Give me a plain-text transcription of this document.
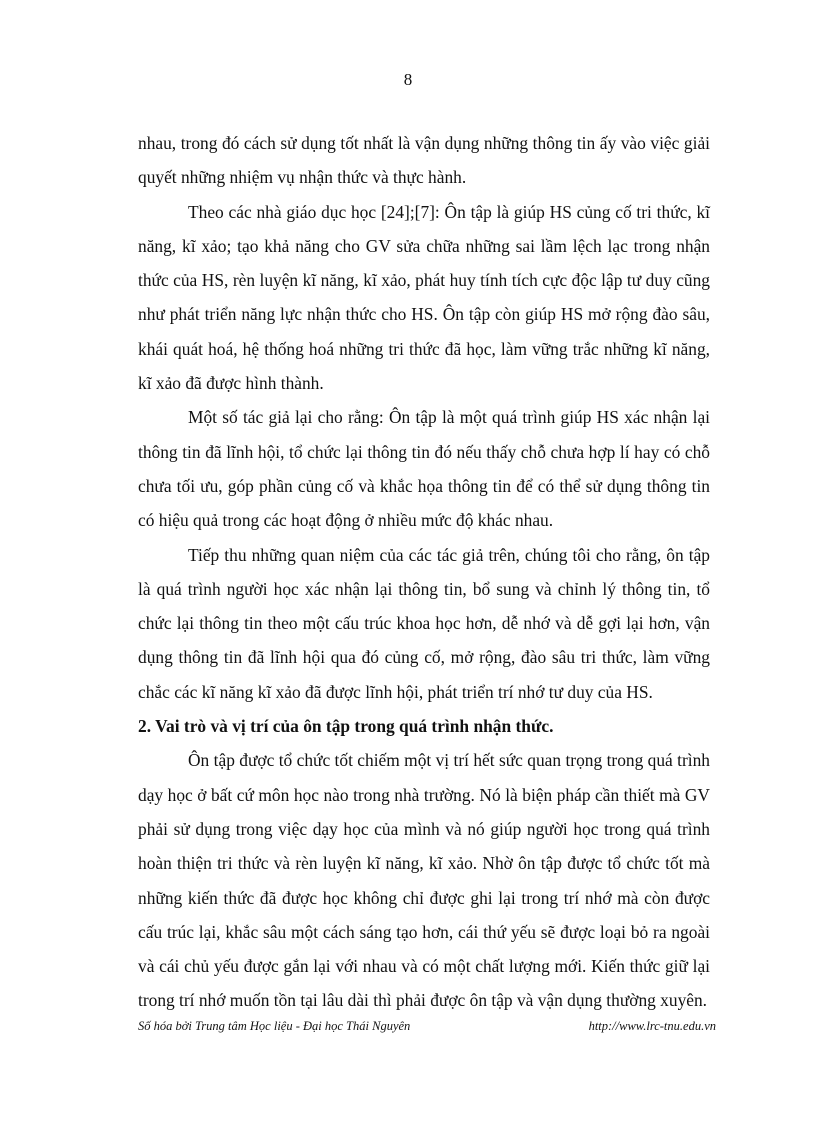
8

nhau, trong đó cách sử dụng tốt nhất là vận dụng những thông tin ấy vào việc giải quyết những nhiệm vụ nhận thức và thực hành.

Theo các nhà giáo dục học [24];[7]: Ôn tập là giúp HS củng cố tri thức, kĩ năng, kĩ xảo; tạo khả năng cho GV sửa chữa những sai lầm lệch lạc trong nhận thức của HS, rèn luyện kĩ năng, kĩ xảo, phát huy tính tích cực độc lập tư duy cũng như phát triển năng lực nhận thức cho HS. Ôn tập còn giúp HS mở rộng đào sâu, khái quát hoá, hệ thống hoá những tri thức đã học, làm vững trắc những kĩ năng, kĩ xảo đã được hình thành.

Một số tác giả lại cho rằng: Ôn tập là một quá trình giúp HS xác nhận lại thông tin đã lĩnh hội, tổ chức lại thông tin đó nếu thấy chỗ chưa hợp lí hay có chỗ chưa tối ưu, góp phần củng cố và khắc họa thông tin để có thể sử dụng thông tin có hiệu quả trong các hoạt động ở nhiều mức độ khác nhau.

Tiếp thu những quan niệm của các tác giả trên, chúng tôi cho rằng, ôn tập là quá trình người học xác nhận lại thông tin, bổ sung và chỉnh lý thông tin, tổ chức lại thông tin theo một cấu trúc khoa học hơn, dễ nhớ và dễ gợi lại hơn, vận dụng thông tin đã lĩnh hội qua đó củng cố, mở rộng, đào sâu tri thức, làm vững chắc các kĩ năng kĩ xảo đã được lĩnh hội, phát triển trí nhớ tư duy của HS.

2. Vai trò và vị trí của ôn tập trong quá trình nhận thức.

Ôn tập được tổ chức tốt chiếm một vị trí hết sức quan trọng trong quá trình dạy học ở bất cứ môn học nào trong nhà trường. Nó là biện pháp cần thiết mà GV phải sử dụng trong việc dạy học của mình và nó giúp người học trong quá trình hoàn thiện tri thức và rèn luyện kĩ năng, kĩ xảo. Nhờ ôn tập được tổ chức tốt mà những kiến thức đã được học không chỉ được ghi lại trong trí nhớ mà còn được cấu trúc lại, khắc sâu một cách sáng tạo hơn, cái thứ yếu sẽ được loại bỏ ra ngoài và cái chủ yếu được gắn lại với nhau và có một chất lượng mới. Kiến thức giữ lại trong trí nhớ muốn tồn tại lâu dài thì phải được ôn tập và vận dụng thường xuyên.

Số hóa bởi Trung tâm Học liệu - Đại học Thái Nguyên	http://www.lrc-tnu.edu.vn
